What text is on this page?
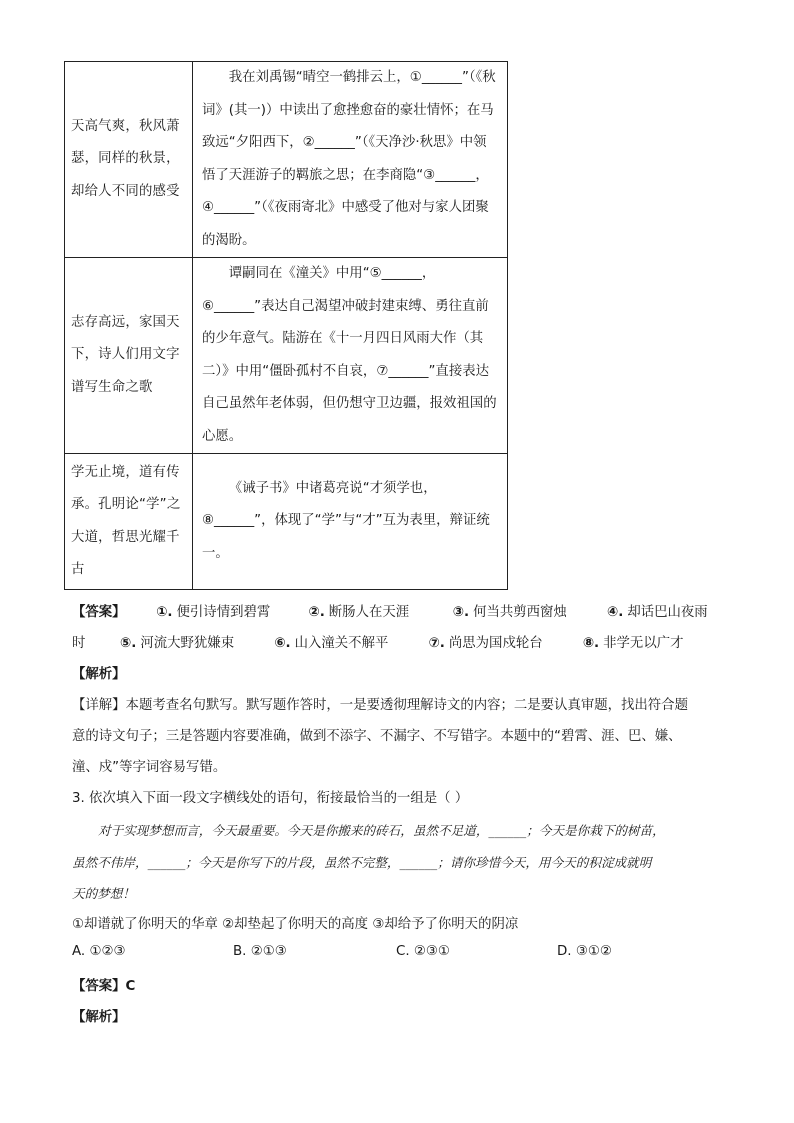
天高气爽，秋风萧瑟，同样的秋景，却给人不同的感受	我在刘禹锡“晴空一鹤排云上，①______”（《秋词》(其一)）中读出了愈挫愈奋的豪壮情怀；在马致远“夕阳西下，②______”（《天净沙·秋思》中领悟了天涯游子的羁旅之思；在李商隐“③______，④______”（《夜雨寄北》中感受了他对与家人团聚的渴盼。

志存高远，家国天下，诗人们用文字谱写生命之歌	谭嗣同在《潼关》中用“⑤______，⑥______”表达自己渴望冲破封建束缚、勇往直前的少年意气。陆游在《十一月四日风雨大作（其二）》中用“僵卧孤村不自哀，⑦______”直接表达自己虽然年老体弱，但仍想守卫边疆，报效祖国的心愿。

学无止境，道有传承。孔明论“学”之大道，哲思光耀千古	《诫子书》中诸葛亮说“才须学也，⑧______”，体现了“学”与“才”互为表里，辩证统一。

【答案】 ①. 便引诗情到碧霄	②. 断肠人在天涯	③. 何当共剪西窗烛	④. 却话巴山夜雨
时	⑤. 河流大野犹嫌束	⑥. 山入潼关不解平	⑦. 尚思为国戍轮台	⑧. 非学无以广才
【解析】
【详解】本题考查名句默写。默写题作答时，一是要透彻理解诗文的内容；二是要认真审题，找出符合题
意的诗文句子；三是答题内容要准确，做到不添字、不漏字、不写错字。本题中的“碧霄、涯、巴、嫌、
潼、戍”等字词容易写错。
3. 依次填入下面一段文字横线处的语句，衔接最恰当的一组是（ ）
对于实现梦想而言，今天最重要。今天是你搬来的砖石，虽然不足道，______；今天是你栽下的树苗，
虽然不伟岸，______；今天是你写下的片段，虽然不完整，______；请你珍惜今天，用今天的积淀成就明
天的梦想！
①却谱就了你明天的华章 ②却垫起了你明天的高度 ③却给予了你明天的阴凉
A. ①②③	B. ②①③	C. ②③①	D. ③①②
【答案】C
【解析】
